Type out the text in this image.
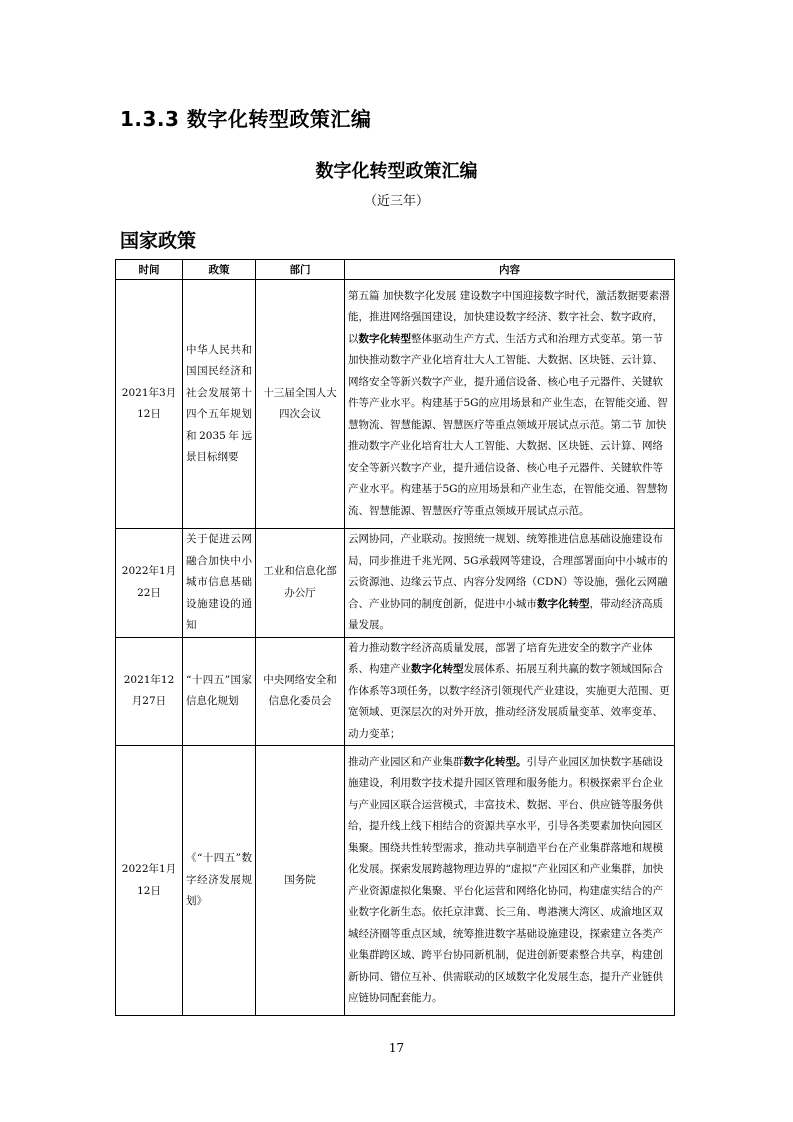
1.3.3 数字化转型政策汇编
数字化转型政策汇编
（近三年）
国家政策
时间	政策	部门	内容
2021年3月12日	中华人民共和国国民经济和社会发展第十四个五年规划和2035年远景目标纲要	十三届全国人大四次会议	第五篇 加快数字化发展 建设数字中国迎接数字时代，激活数据要素潜能，推进网络强国建设，加快建设数字经济、数字社会、数字政府，以数字化转型整体驱动生产方式、生活方式和治理方式变革。第一节 加快推动数字产业化培育壮大人工智能、大数据、区块链、云计算、网络安全等新兴数字产业，提升通信设备、核心电子元器件、关键软件等产业水平。构建基于5G的应用场景和产业生态，在智能交通、智慧物流、智慧能源、智慧医疗等重点领域开展试点示范。第二节 加快推动数字产业化培育壮大人工智能、大数据、区块链、云计算、网络安全等新兴数字产业，提升通信设备、核心电子元器件、关键软件等产业水平。构建基于5G的应用场景和产业生态，在智能交通、智慧物流、智慧能源、智慧医疗等重点领域开展试点示范。
2022年1月22日	关于促进云网融合加快中小城市信息基础设施建设的通知	工业和信息化部办公厅	云网协同，产业联动。按照统一规划、统筹推进信息基础设施建设布局，同步推进千兆光网、5G承载网等建设，合理部署面向中小城市的云资源池、边缘云节点、内容分发网络（CDN）等设施，强化云网融合、产业协同的制度创新，促进中小城市数字化转型，带动经济高质量发展。
2021年12月27日	“十四五”国家信息化规划	中央网络安全和信息化委员会	着力推动数字经济高质量发展，部署了培育先进安全的数字产业体系、构建产业数字化转型发展体系、拓展互利共赢的数字领域国际合作体系等3项任务，以数字经济引领现代产业建设，实施更大范围、更宽领域、更深层次的对外开放，推动经济发展质量变革、效率变革、动力变革；
2022年1月12日	《“十四五”数字经济发展规划》	国务院	推动产业园区和产业集群数字化转型。引导产业园区加快数字基础设施建设，利用数字技术提升园区管理和服务能力。积极探索平台企业与产业园区联合运营模式，丰富技术、数据、平台、供应链等服务供给，提升线上线下相结合的资源共享水平，引导各类要素加快向园区集聚。围绕共性转型需求，推动共享制造平台在产业集群落地和规模化发展。探索发展跨越物理边界的“虚拟”产业园区和产业集群，加快产业资源虚拟化集聚、平台化运营和网络化协同，构建虚实结合的产业数字化新生态。依托京津冀、长三角、粤港澳大湾区、成渝地区双城经济圈等重点区域，统筹推进数字基础设施建设，探索建立各类产业集群跨区域、跨平台协同新机制，促进创新要素整合共享，构建创新协同、错位互补、供需联动的区域数字化发展生态，提升产业链供应链协同配套能力。
17
